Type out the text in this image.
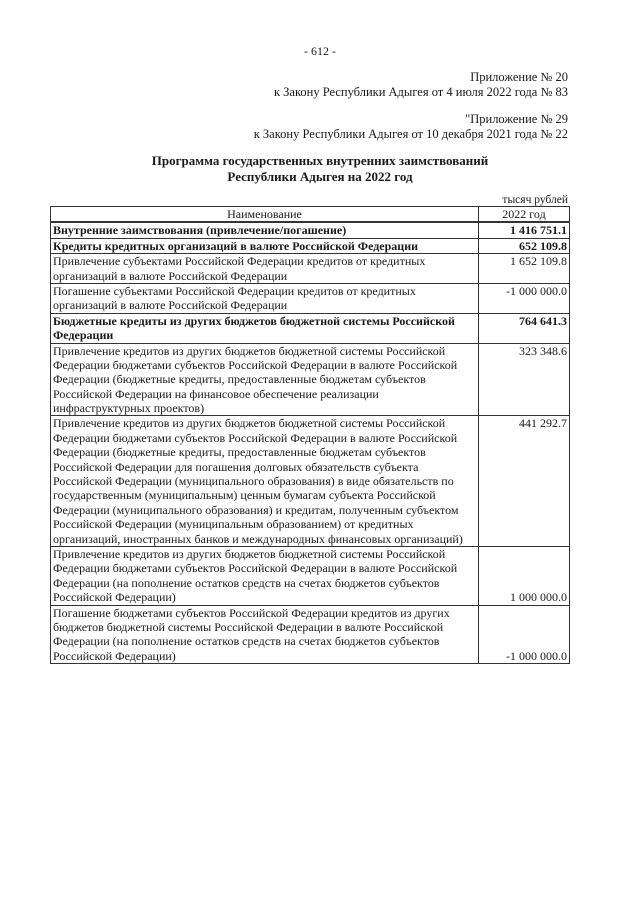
- 612 -
Приложение № 20
к Закону Республики Адыгея от 4 июля 2022 года № 83
"Приложение № 29
к Закону Республики Адыгея от 10 декабря 2021 года № 22
Программа государственных внутренних заимствований
Республики Адыгея на 2022 год
тысяч рублей
Наименование	2022 год
Внутренние заимствования (привлечение/погашение)	1 416 751.1
Кредиты кредитных организаций в валюте Российской Федерации	652 109.8
Привлечение субъектами Российской Федерации кредитов от кредитных организаций в валюте Российской Федерации	1 652 109.8
Погашение субъектами Российской Федерации кредитов от кредитных организаций в валюте Российской Федерации	-1 000 000.0
Бюджетные кредиты из других бюджетов бюджетной системы Российской Федерации	764 641.3
Привлечение кредитов из других бюджетов бюджетной системы Российской Федерации бюджетами субъектов Российской Федерации в валюте Российской Федерации (бюджетные кредиты, предоставленные бюджетам субъектов Российской Федерации на финансовое обеспечение реализации инфраструктурных проектов)	323 348.6
Привлечение кредитов из других бюджетов бюджетной системы Российской Федерации бюджетами субъектов Российской Федерации в валюте Российской Федерации (бюджетные кредиты, предоставленные бюджетам субъектов Российской Федерации для погашения долговых обязательств субъекта Российской Федерации (муниципального образования) в виде обязательств по государственным (муниципальным) ценным бумагам субъекта Российской Федерации (муниципального образования) и кредитам, полученным субъектом Российской Федерации (муниципальным образованием) от кредитных организаций, иностранных банков и международных финансовых организаций)	441 292.7
Привлечение кредитов из других бюджетов бюджетной системы Российской Федерации бюджетами субъектов Российской Федерации в валюте Российской Федерации (на пополнение остатков средств на счетах бюджетов субъектов Российской Федерации)	1 000 000.0
Погашение бюджетами субъектов Российской Федерации кредитов из других бюджетов бюджетной системы Российской Федерации в валюте Российской Федерации (на пополнение остатков средств на счетах бюджетов субъектов Российской Федерации)	-1 000 000.0
